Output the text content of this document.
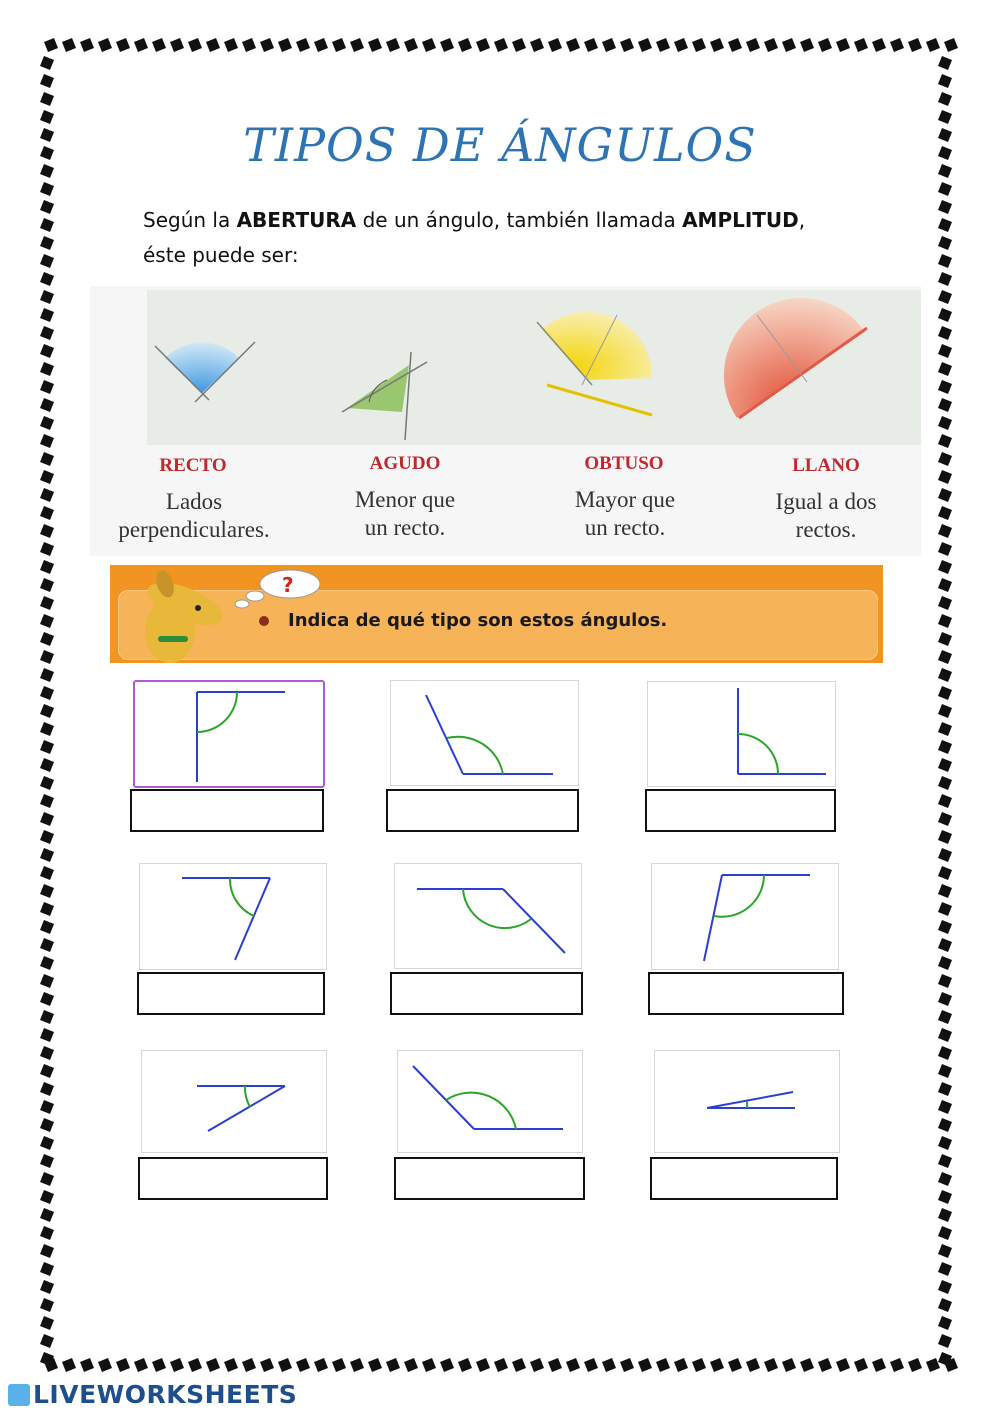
TIPOS DE ÁNGULOS
Según la ABERTURA de un ángulo, también llamada AMPLITUD,
éste puede ser:
RECTO
Lados
perpendiculares.
AGUDO
Menor que
un recto.
OBTUSO
Mayor que
un recto.
LLANO
Igual a dos
rectos.
?
Indica de qué tipo son estos ángulos.
LIVEWORKSHEETS
